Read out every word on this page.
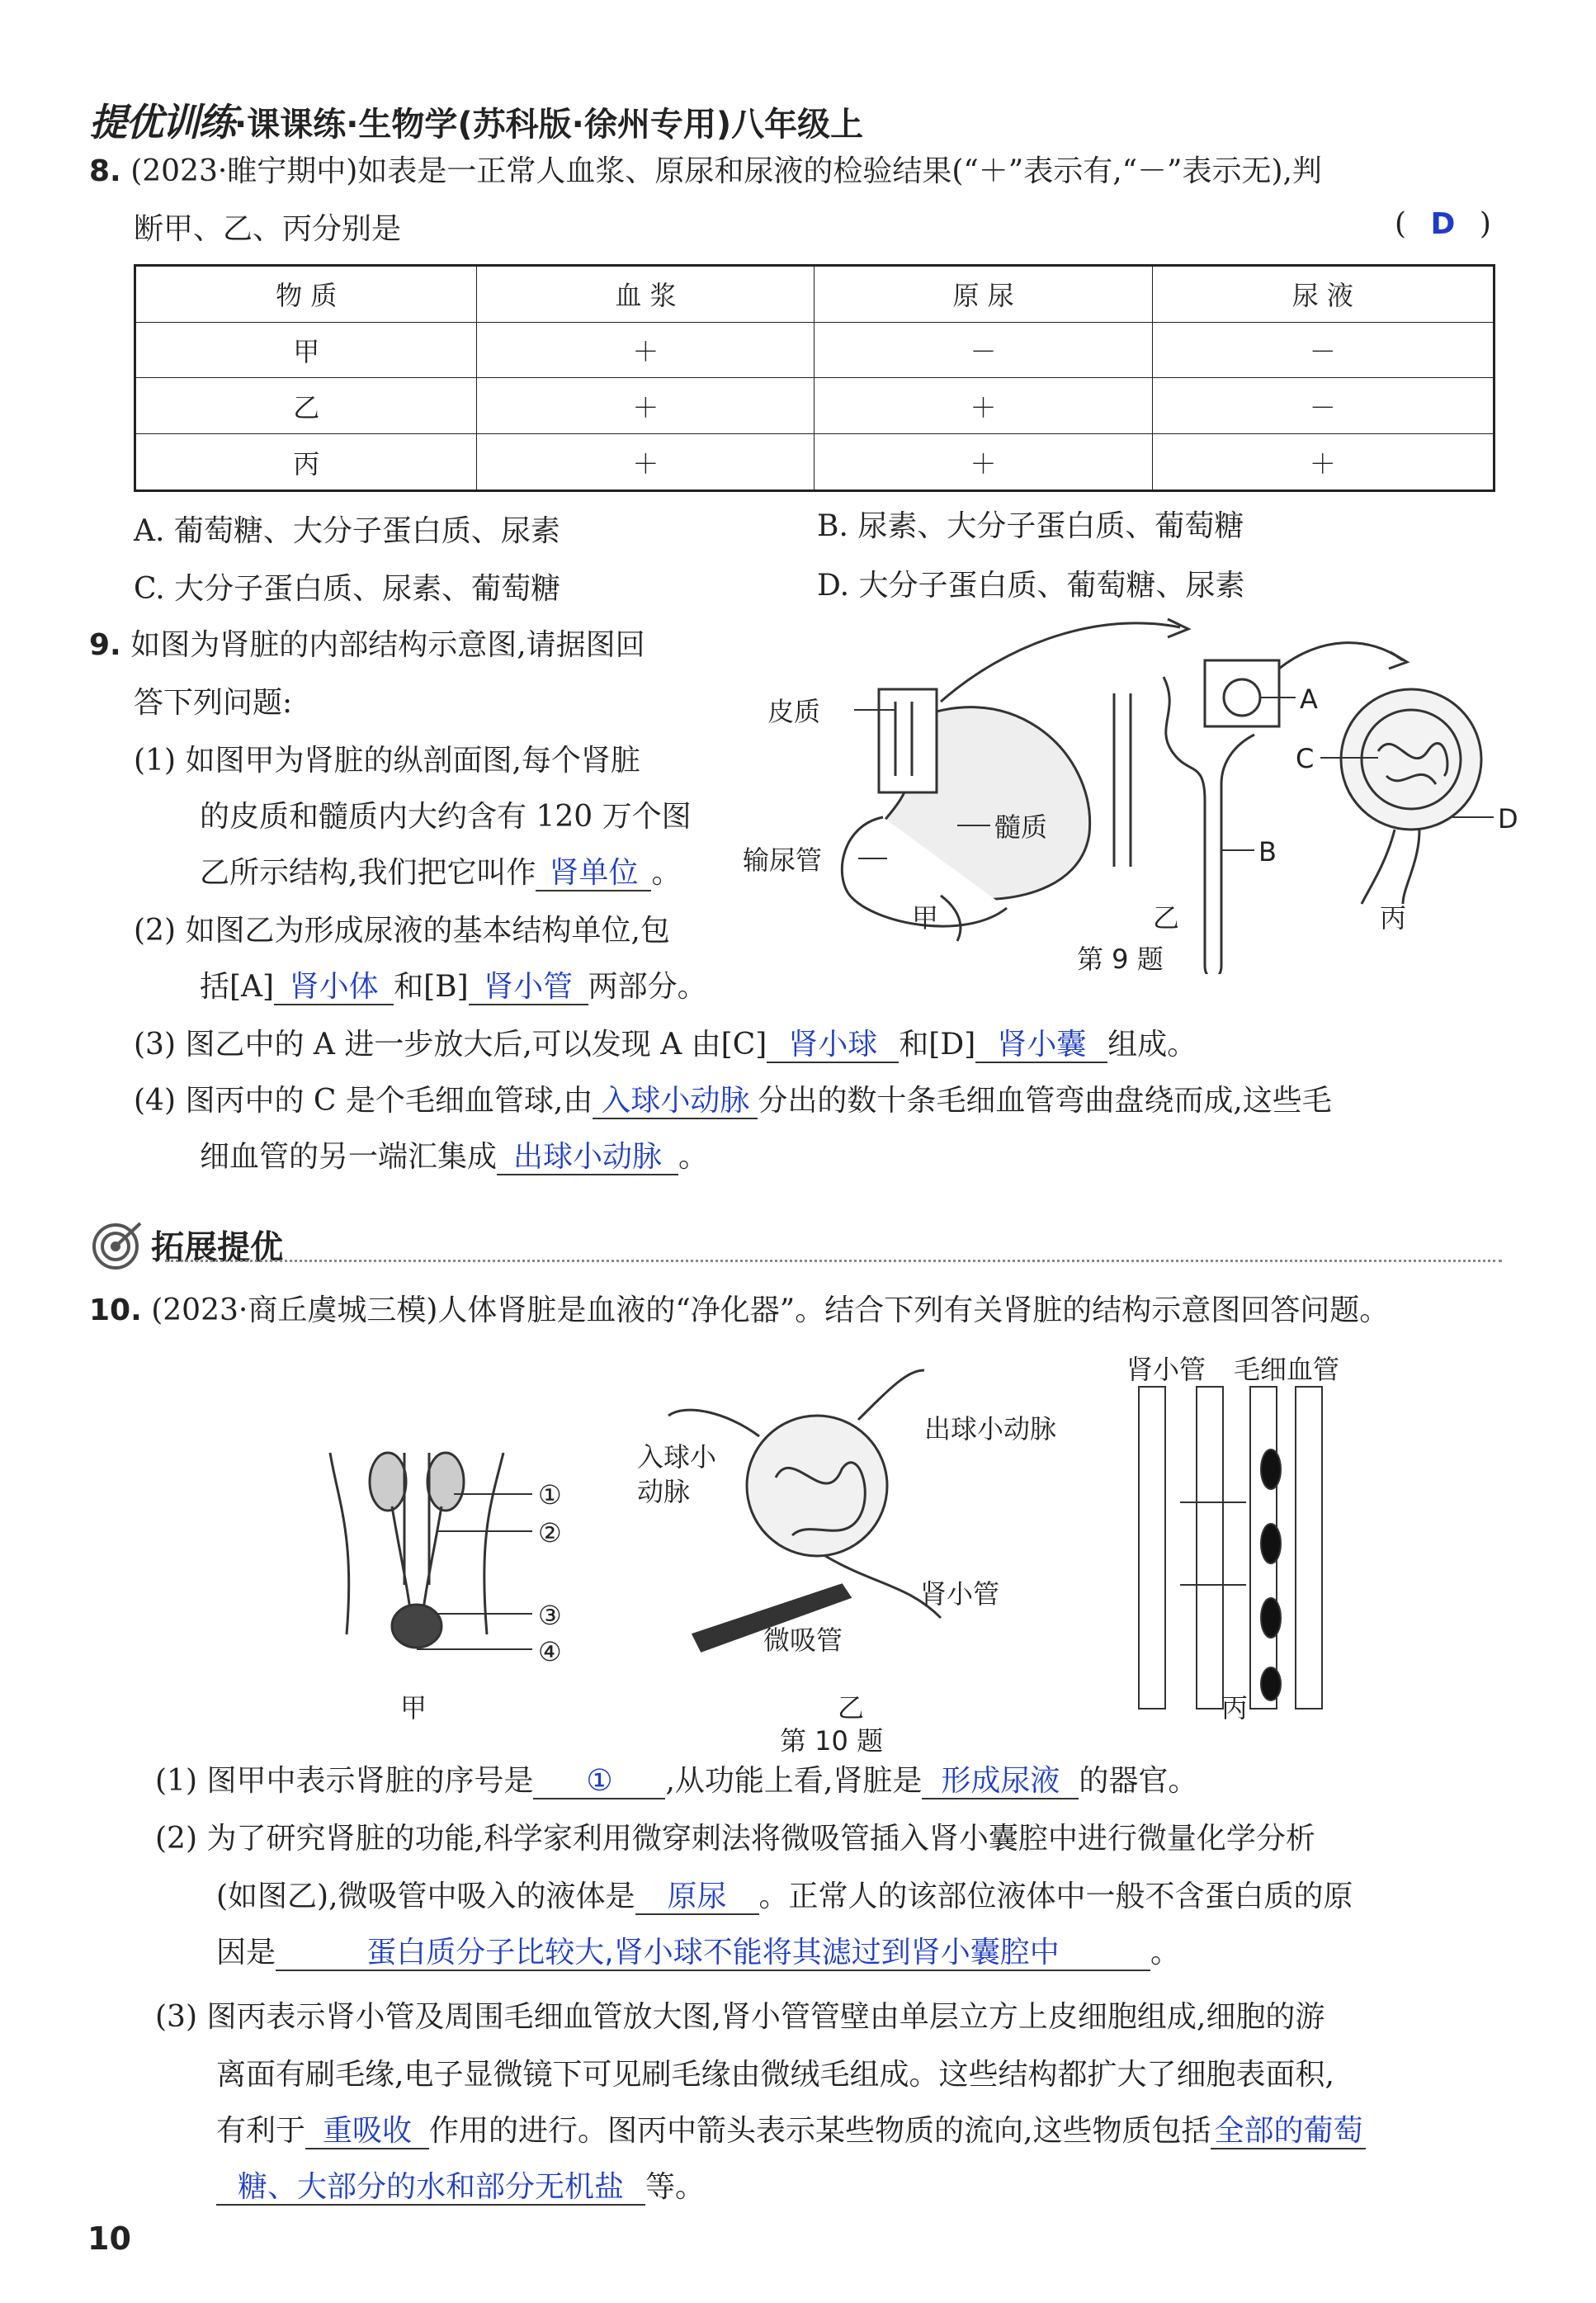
提优训练·课课练·生物学(苏科版·徐州专用)八年级上
8. (2023·睢宁期中)如表是一正常人血浆、原尿和尿液的检验结果(“＋”表示有,“－”表示无),判
断甲、乙、丙分别是	( D )
物 质	血 浆	原 尿	尿 液
甲	＋	－	－
乙	＋	＋	－
丙	＋	＋	＋
A. 葡萄糖、大分子蛋白质、尿素	B. 尿素、大分子蛋白质、葡萄糖
C. 大分子蛋白质、尿素、葡萄糖	D. 大分子蛋白质、葡萄糖、尿素
9. 如图为肾脏的内部结构示意图,请据图回
答下列问题:
(1) 如图甲为肾脏的纵剖面图,每个肾脏
的皮质和髓质内大约含有 120 万个图
乙所示结构,我们把它叫作 肾单位 。
(2) 如图乙为形成尿液的基本结构单位,包
括[A] 肾小体 和[B] 肾小管 两部分。
(3) 图乙中的 A 进一步放大后,可以发现 A 由[C] 肾小球 和[D] 肾小囊 组成。
(4) 图丙中的 C 是个毛细血管球,由 入球小动脉 分出的数十条毛细血管弯曲盘绕而成,这些毛
细血管的另一端汇集成 出球小动脉 。
皮质
髓质
输尿管
A
B
C
D
甲	乙	丙
第 9 题
拓展提优
10. (2023·商丘虞城三模)人体肾脏是血液的“净化器”。结合下列有关肾脏的结构示意图回答问题。
①
②
③
④
甲
入球小
动脉
出球小动脉
肾小管
微吸管
乙
肾小管 毛细血管
丙
第 10 题
(1) 图甲中表示肾脏的序号是 ① ,从功能上看,肾脏是 形成尿液 的器官。
(2) 为了研究肾脏的功能,科学家利用微穿刺法将微吸管插入肾小囊腔中进行微量化学分析
(如图乙),微吸管中吸入的液体是 原尿 。正常人的该部位液体中一般不含蛋白质的原
因是	蛋白质分子比较大,肾小球不能将其滤过到肾小囊腔中	。
(3) 图丙表示肾小管及周围毛细血管放大图,肾小管管壁由单层立方上皮细胞组成,细胞的游
离面有刷毛缘,电子显微镜下可见刷毛缘由微绒毛组成。这些结构都扩大了细胞表面积,
有利于 重吸收 作用的进行。图丙中箭头表示某些物质的流向,这些物质包括 全部的葡萄
糖、大部分的水和部分无机盐 等。
10
